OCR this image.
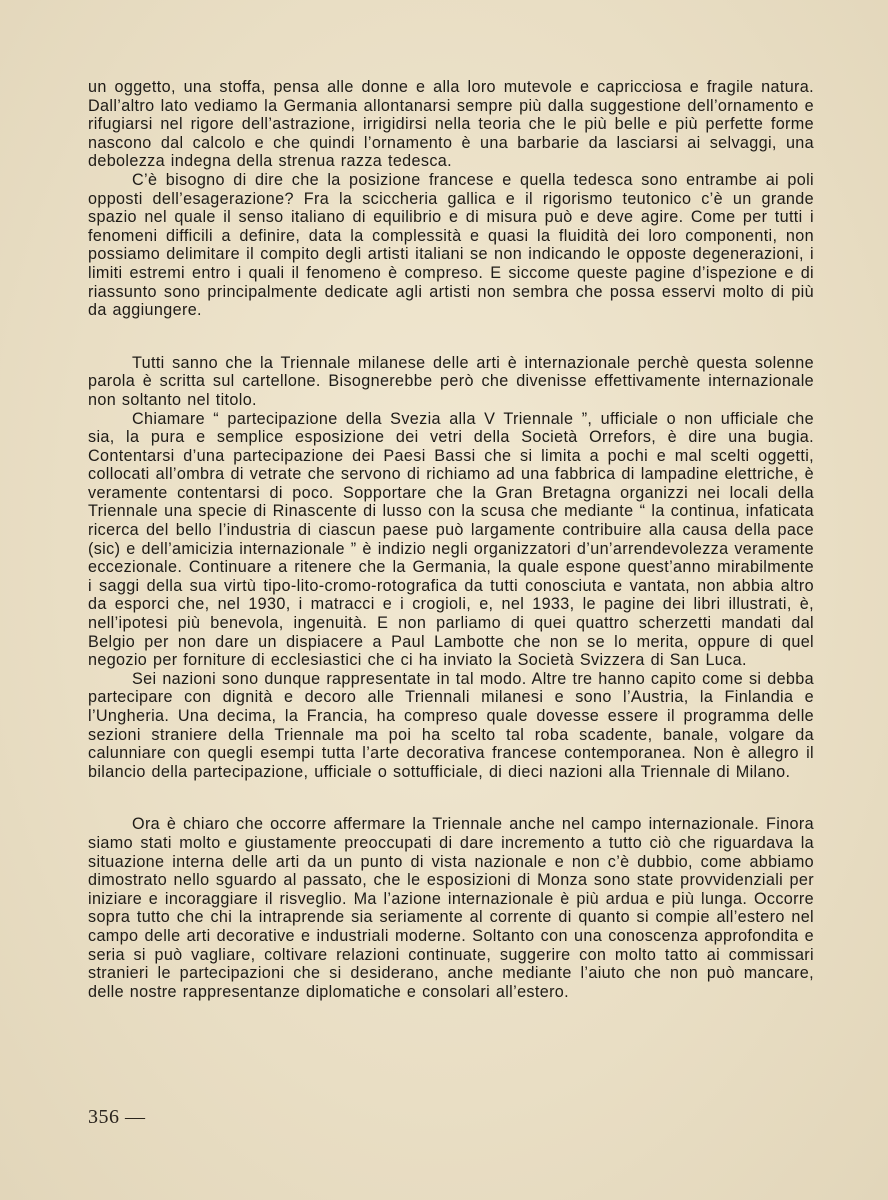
un oggetto, una stoffa, pensa alle donne e alla loro mutevole e capricciosa e fragile natura. Dall’altro lato vediamo la Germania allontanarsi sempre più dalla suggestione dell’ornamento e rifugiarsi nel rigore dell’astrazione, irrigidirsi nella teoria che le più belle e più perfette forme nascono dal calcolo e che quindi l’ornamento è una barbarie da lasciarsi ai selvaggi, una debolezza indegna della strenua razza tedesca.

C’è bisogno di dire che la posizione francese e quella tedesca sono entrambe ai poli opposti dell’esagerazione? Fra la sciccheria gallica e il rigorismo teutonico c’è un grande spazio nel quale il senso italiano di equilibrio e di misura può e deve agire. Come per tutti i fenomeni difficili a definire, data la complessità e quasi la fluidità dei loro componenti, non possiamo delimitare il compito degli artisti italiani se non indicando le opposte degenerazioni, i limiti estremi entro i quali il fenomeno è compreso. E siccome queste pagine d’ispezione e di riassunto sono principalmente dedicate agli artisti non sembra che possa esservi molto di più da aggiungere.

Tutti sanno che la Triennale milanese delle arti è internazionale perchè questa solenne parola è scritta sul cartellone. Bisognerebbe però che divenisse effettivamente internazionale non soltanto nel titolo.

Chiamare “ partecipazione della Svezia alla V Triennale ”, ufficiale o non ufficiale che sia, la pura e semplice esposizione dei vetri della Società Orrefors, è dire una bugia. Contentarsi d’una partecipazione dei Paesi Bassi che si limita a pochi e mal scelti oggetti, collocati all’ombra di vetrate che servono di richiamo ad una fabbrica di lampadine elettriche, è veramente contentarsi di poco. Sopportare che la Gran Bretagna organizzi nei locali della Triennale una specie di Rinascente di lusso con la scusa che mediante “ la continua, infaticata ricerca del bello l’industria di ciascun paese può largamente contribuire alla causa della pace (sic) e dell’amicizia internazionale ” è indizio negli organizzatori d’un’arrendevolezza veramente eccezionale. Continuare a ritenere che la Germania, la quale espone quest’anno mirabilmente i saggi della sua virtù tipo-lito-cromo-rotografica da tutti conosciuta e vantata, non abbia altro da esporci che, nel 1930, i matracci e i crogioli, e, nel 1933, le pagine dei libri illustrati, è, nell’ipotesi più benevola, ingenuità. E non parliamo di quei quattro scherzetti mandati dal Belgio per non dare un dispiacere a Paul Lambotte che non se lo merita, oppure di quel negozio per forniture di ecclesiastici che ci ha inviato la Società Svizzera di San Luca.

Sei nazioni sono dunque rappresentate in tal modo. Altre tre hanno capito come si debba partecipare con dignità e decoro alle Triennali milanesi e sono l’Austria, la Finlandia e l’Ungheria. Una decima, la Francia, ha compreso quale dovesse essere il programma delle sezioni straniere della Triennale ma poi ha scelto tal roba scadente, banale, volgare da calunniare con quegli esempi tutta l’arte decorativa francese contemporanea. Non è allegro il bilancio della partecipazione, ufficiale o sottufficiale, di dieci nazioni alla Triennale di Milano.

Ora è chiaro che occorre affermare la Triennale anche nel campo internazionale. Finora siamo stati molto e giustamente preoccupati di dare incremento a tutto ciò che riguardava la situazione interna delle arti da un punto di vista nazionale e non c’è dubbio, come abbiamo dimostrato nello sguardo al passato, che le esposizioni di Monza sono state provvidenziali per iniziare e incoraggiare il risveglio. Ma l’azione internazionale è più ardua e più lunga. Occorre sopra tutto che chi la intraprende sia seriamente al corrente di quanto si compie all’estero nel campo delle arti decorative e industriali moderne. Soltanto con una conoscenza approfondita e seria si può vagliare, coltivare relazioni continuate, suggerire con molto tatto ai commissari stranieri le partecipazioni che si desiderano, anche mediante l’aiuto che non può mancare, delle nostre rappresentanze diplomatiche e consolari all’estero.

356 —
